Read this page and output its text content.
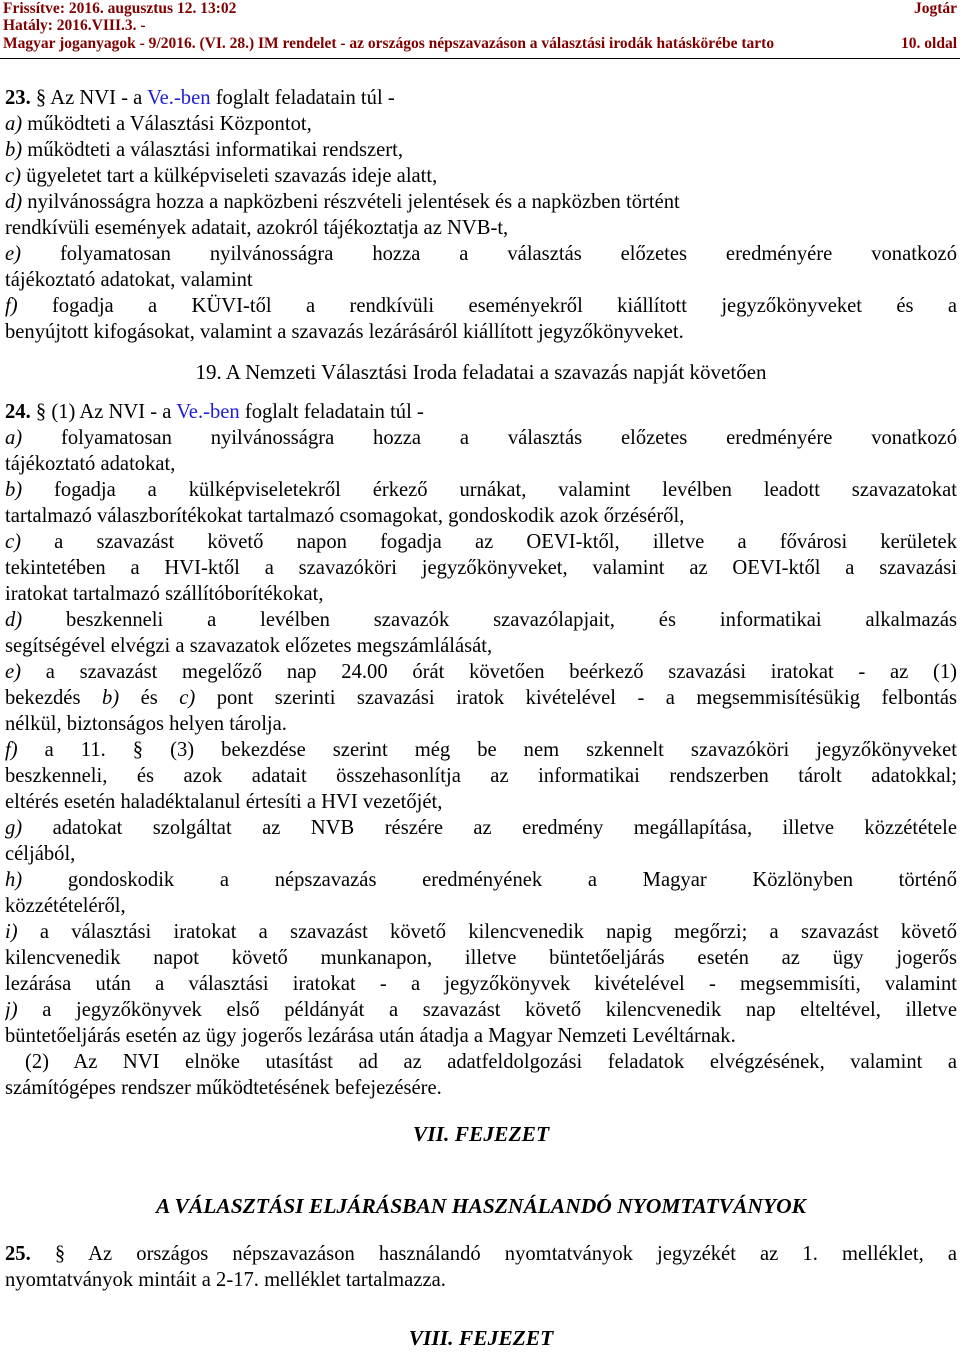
Frissítve: 2016. augusztus 12. 13:02	Jogtár
Hatály: 2016.VIII.3. -
Magyar joganyagok - 9/2016. (VI. 28.) IM rendelet - az országos népszavazáson a választási irodák hatáskörébe tarto	10. oldal
23. § Az NVI - a Ve.-ben foglalt feladatain túl -
a) működteti a Választási Központot,
b) működteti a választási informatikai rendszert,
c) ügyeletet tart a külképviseleti szavazás ideje alatt,
d) nyilvánosságra hozza a napközbeni részvételi jelentések és a napközben történt
rendkívüli események adatait, azokról tájékoztatja az NVB-t,
e) folyamatosan nyilvánosságra hozza a választás előzetes eredményére vonatkozó
tájékoztató adatokat, valamint
f) fogadja a KÜVI-től a rendkívüli eseményekről kiállított jegyzőkönyveket és a
benyújtott kifogásokat, valamint a szavazás lezárásáról kiállított jegyzőkönyveket.
19. A Nemzeti Választási Iroda feladatai a szavazás napját követően
24. § (1) Az NVI - a Ve.-ben foglalt feladatain túl -
a) folyamatosan nyilvánosságra hozza a választás előzetes eredményére vonatkozó
tájékoztató adatokat,
b) fogadja a külképviseletekről érkező urnákat, valamint levélben leadott szavazatokat
tartalmazó válaszborítékokat tartalmazó csomagokat, gondoskodik azok őrzéséről,
c) a szavazást követő napon fogadja az OEVI-ktől, illetve a fővárosi kerületek
tekintetében a HVI-ktől a szavazóköri jegyzőkönyveket, valamint az OEVI-ktől a szavazási
iratokat tartalmazó szállítóborítékokat,
d) beszkenneli a levélben szavazók szavazólapjait, és informatikai alkalmazás
segítségével elvégzi a szavazatok előzetes megszámlálását,
e) a szavazást megelőző nap 24.00 órát követően beérkező szavazási iratokat - az (1)
bekezdés b) és c) pont szerinti szavazási iratok kivételével - a megsemmisítésükig felbontás
nélkül, biztonságos helyen tárolja.
f) a 11. § (3) bekezdése szerint még be nem szkennelt szavazóköri jegyzőkönyveket
beszkenneli, és azok adatait összehasonlítja az informatikai rendszerben tárolt adatokkal;
eltérés esetén haladéktalanul értesíti a HVI vezetőjét,
g) adatokat szolgáltat az NVB részére az eredmény megállapítása, illetve közzététele
céljából,
h) gondoskodik a népszavazás eredményének a Magyar Közlönyben történő
közzétételéről,
i) a választási iratokat a szavazást követő kilencvenedik napig megőrzi; a szavazást követő
kilencvenedik napot követő munkanapon, illetve büntetőeljárás esetén az ügy jogerős
lezárása után a választási iratokat - a jegyzőkönyvek kivételével - megsemmisíti, valamint
j) a jegyzőkönyvek első példányát a szavazást követő kilencvenedik nap elteltével, illetve
büntetőeljárás esetén az ügy jogerős lezárása után átadja a Magyar Nemzeti Levéltárnak.
(2) Az NVI elnöke utasítást ad az adatfeldolgozási feladatok elvégzésének, valamint a
számítógépes rendszer működtetésének befejezésére.
VII. FEJEZET
A VÁLASZTÁSI ELJÁRÁSBAN HASZNÁLANDÓ NYOMTATVÁNYOK
25. § Az országos népszavazáson használandó nyomtatványok jegyzékét az 1. melléklet, a
nyomtatványok mintáit a 2-17. melléklet tartalmazza.
VIII. FEJEZET
